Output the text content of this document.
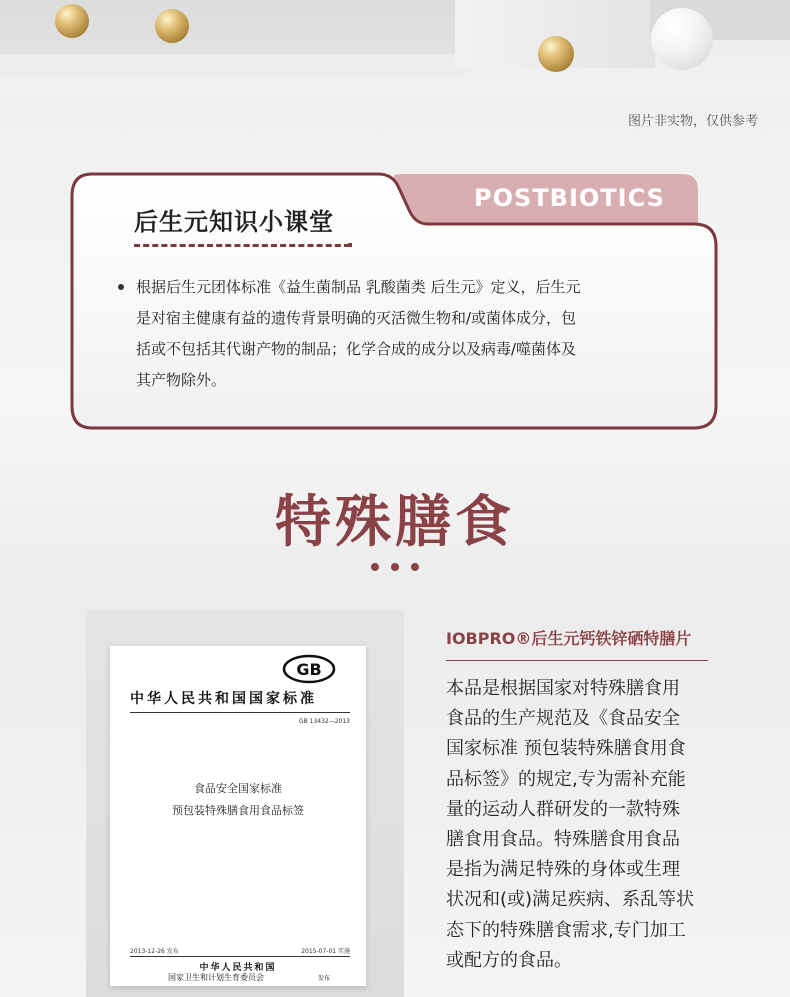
图片非实物，仅供参考
后生元知识小课堂
POSTBIOTICS

根据后生元团体标准《益生菌制品 乳酸菌类 后生元》定义，后生元
是对宿主健康有益的遗传背景明确的灭活微生物和/或菌体成分，包
括或不包括其代谢产物的制品；化学合成的成分以及病毒/噬菌体及
其产物除外。

特殊膳食
GB
中华人民共和国国家标准
GB 13432—2013
食品安全国家标准
预包装特殊膳食用食品标签
2013-12-26 发布	2015-07-01 实施
中华人民共和国
国家卫生和计划生育委员会	发布
IOBPRO®后生元钙铁锌硒特膳片
本品是根据国家对特殊膳食用
食品的生产规范及《食品安全
国家标准 预包装特殊膳食用食
品标签》的规定,专为需补充能
量的运动人群研发的一款特殊
膳食用食品。特殊膳食用食品
是指为满足特殊的身体或生理
状况和(或)满足疾病、系乱等状
态下的特殊膳食需求,专门加工
或配方的食品。
